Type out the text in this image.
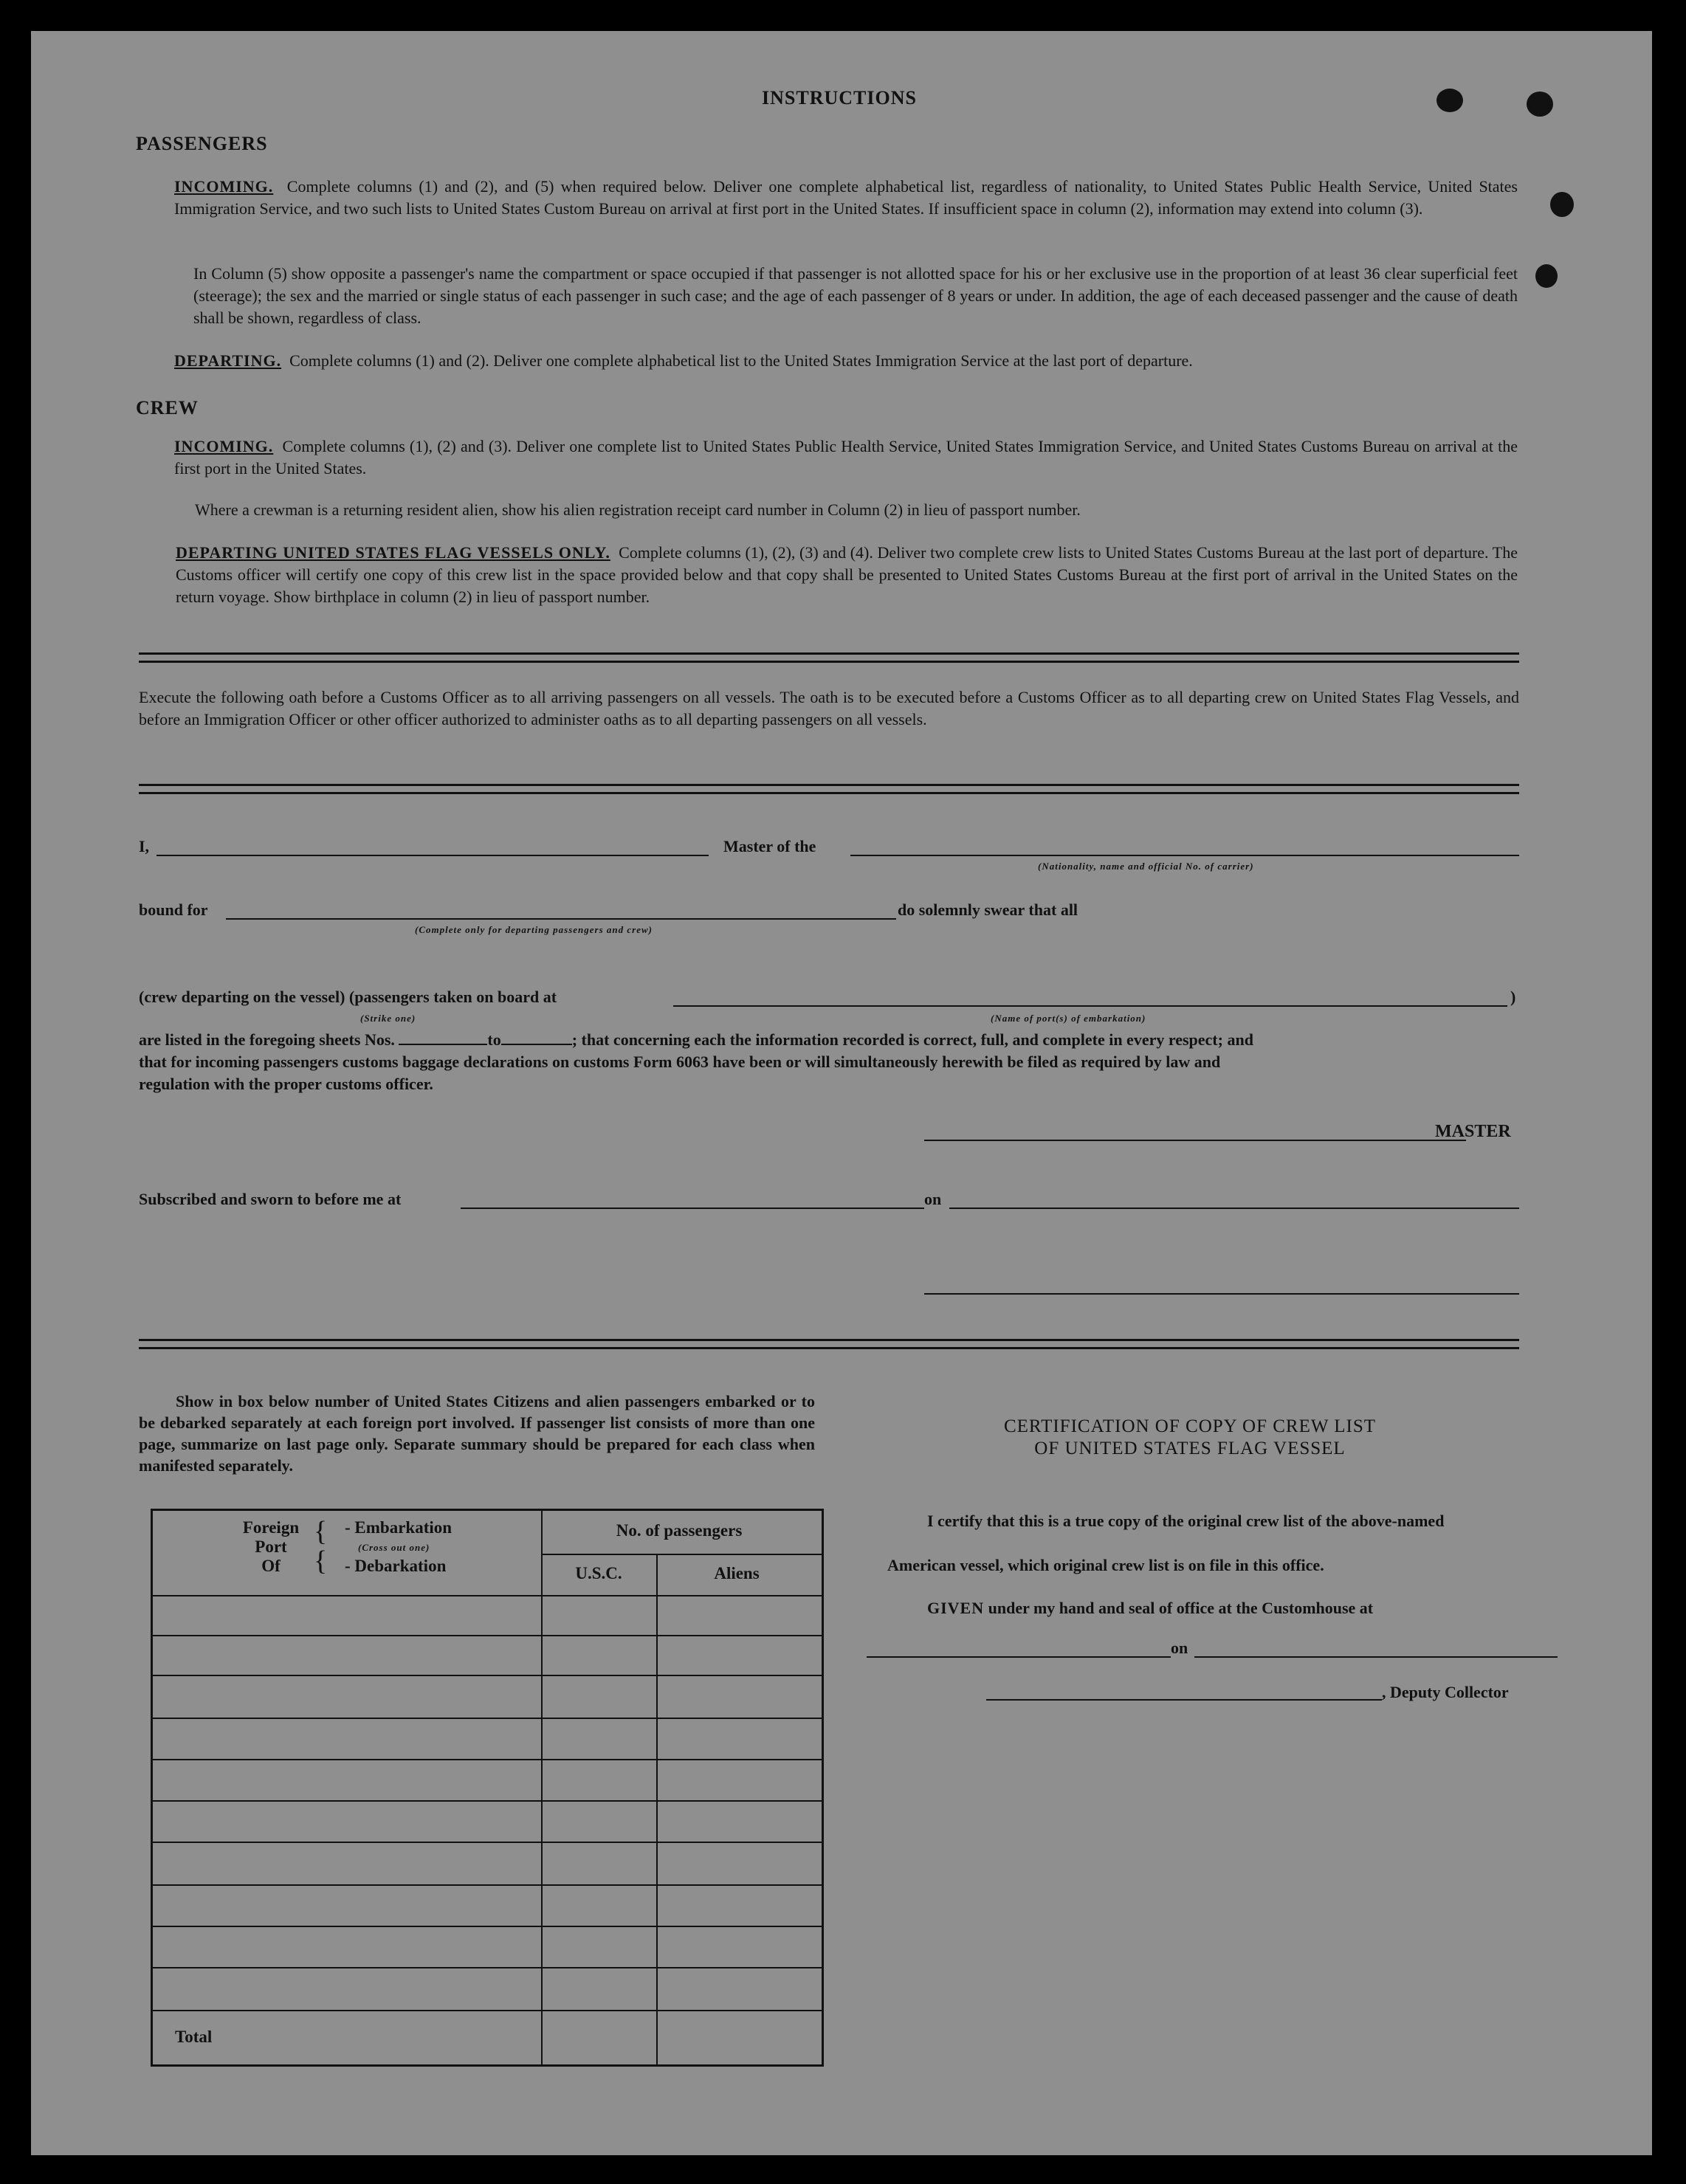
INSTRUCTIONS
PASSENGERS
INCOMING. Complete columns (1) and (2), and (5) when required below. Deliver one complete alphabetical list, regardless of nationality, to United States Public Health Service, United States Immigration Service, and two such lists to United States Custom Bureau on arrival at first port in the United States. If insufficient space in column (2), information may extend into column (3).
In Column (5) show opposite a passenger's name the compartment or space occupied if that passenger is not allotted space for his or her exclusive use in the proportion of at least 36 clear superficial feet (steerage); the sex and the married or single status of each passenger in such case; and the age of each passenger of 8 years or under. In addition, the age of each deceased passenger and the cause of death shall be shown, regardless of class.
DEPARTING. Complete columns (1) and (2). Deliver one complete alphabetical list to the United States Immigration Service at the last port of departure.
CREW
INCOMING. Complete columns (1), (2) and (3). Deliver one complete list to United States Public Health Service, United States Immigration Service, and United States Customs Bureau on arrival at the first port in the United States.
Where a crewman is a returning resident alien, show his alien registration receipt card number in Column (2) in lieu of passport number.
DEPARTING UNITED STATES FLAG VESSELS ONLY. Complete columns (1), (2), (3) and (4). Deliver two complete crew lists to United States Customs Bureau at the last port of departure. The Customs officer will certify one copy of this crew list in the space provided below and that copy shall be presented to United States Customs Bureau at the first port of arrival in the United States on the return voyage. Show birthplace in column (2) in lieu of passport number.
Execute the following oath before a Customs Officer as to all arriving passengers on all vessels. The oath is to be executed before a Customs Officer as to all departing crew on United States Flag Vessels, and before an Immigration Officer or other officer authorized to administer oaths as to all departing passengers on all vessels.
I,	Master of the
(Nationality, name and official No. of carrier)
bound for
(Complete only for departing passengers and crew)
do solemnly swear that all
(crew departing on the vessel) (passengers taken on board at
(Strike one)	(Name of port(s) of embarkation)
)
are listed in the foregoing sheets Nos.	to	; that concerning each the information recorded is correct, full, and complete in every respect; and
that for incoming passengers customs baggage declarations on customs Form 6063 have been or will simultaneously herewith be filed as required by law and
regulation with the proper customs officer.
MASTER
Subscribed and sworn to before me at	on
Show in box below number of United States Citizens and alien passengers embarked or to be debarked separately at each foreign port involved. If passenger list consists of more than one page, summarize on last page only. Separate summary should be prepared for each class when manifested separately.
Foreign
Port
Of
{
{
- Embarkation
(Cross out one)
- Debarkation
No. of passengers
U.S.C.	Aliens
Total
CERTIFICATION OF COPY OF CREW LIST
OF UNITED STATES FLAG VESSEL
I certify that this is a true copy of the original crew list of the above-named
American vessel, which original crew list is on file in this office.
GIVEN under my hand and seal of office at the Customhouse at
on
, Deputy Collector
